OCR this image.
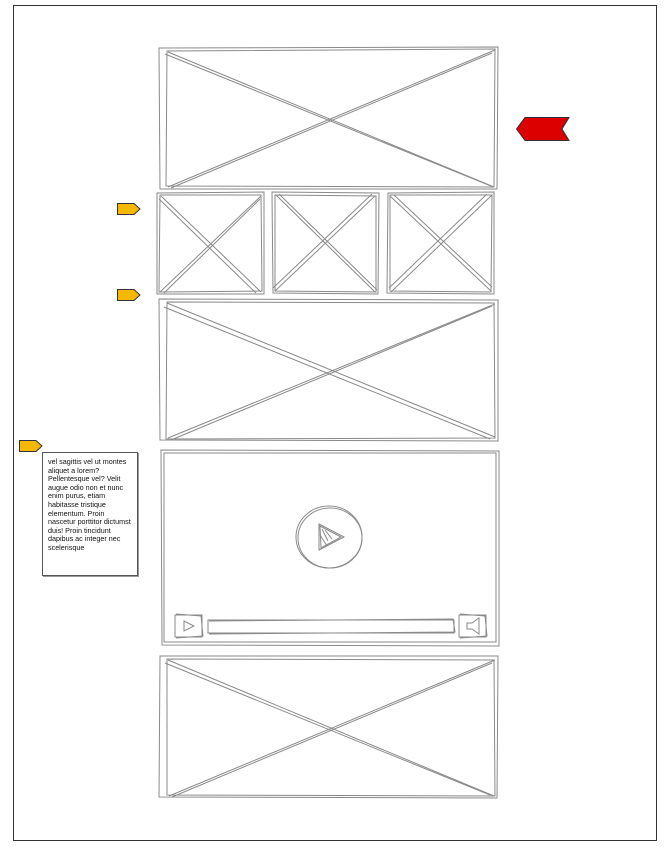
vel sagittis vel ut montes aliquet a lorem? Pellentesque vel? Velit augue odio non et nunc enim purus, etiam habitasse tristique elementum. Proin nascetur porttitor dictumst duis! Proin tincidunt dapibus ac integer nec scelerisque
